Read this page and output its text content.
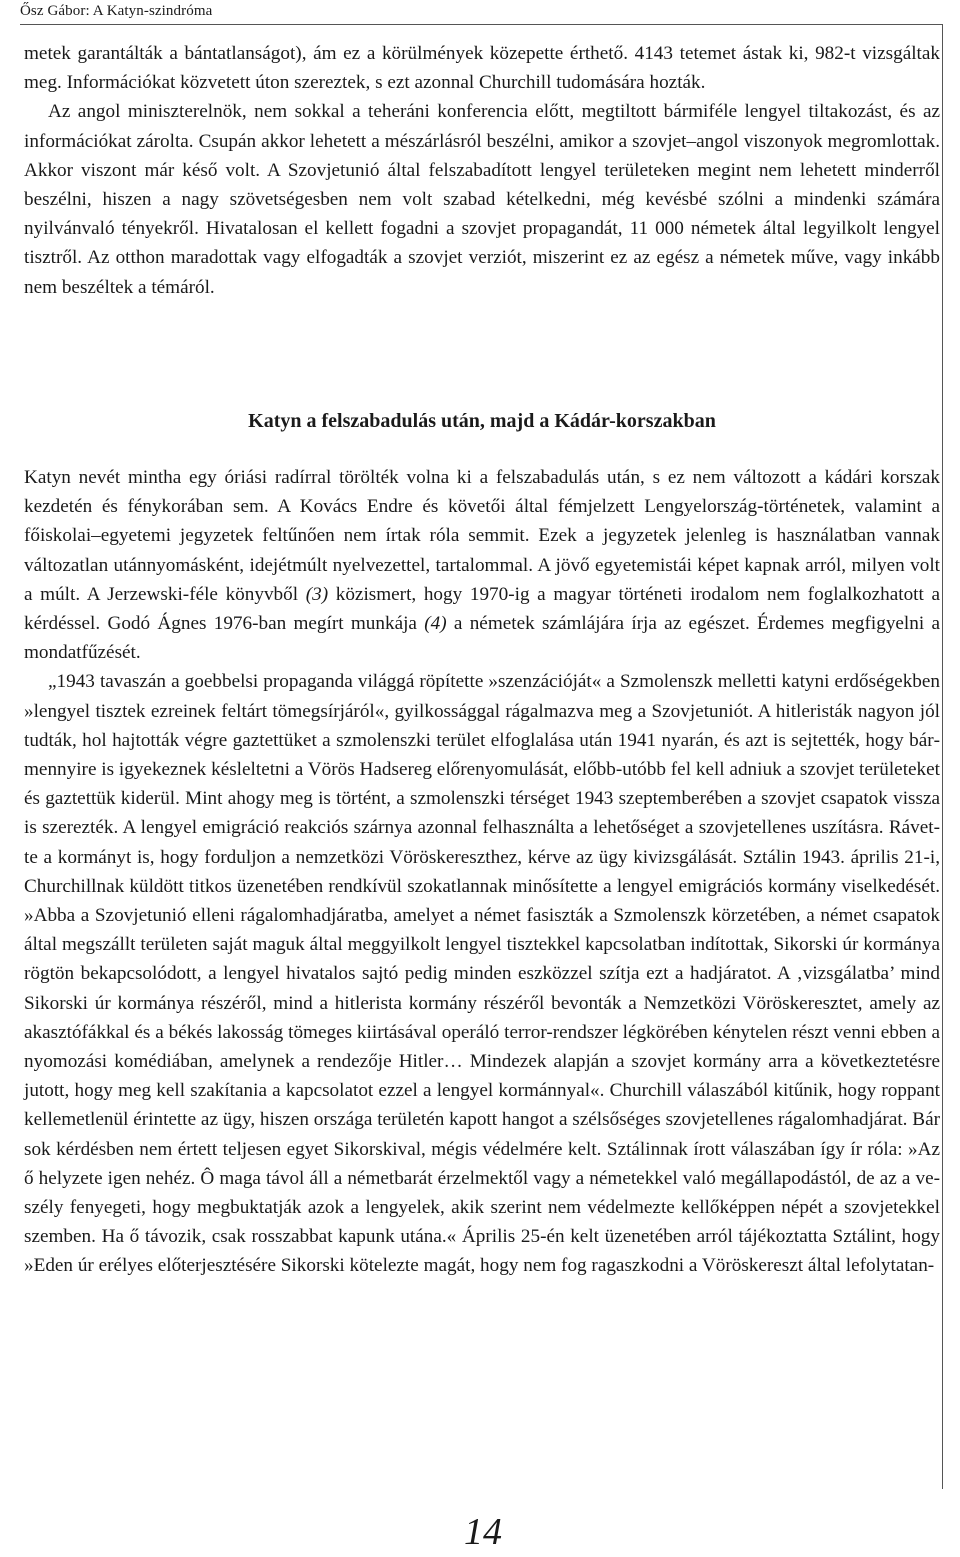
Ősz Gábor: A Katyn-szindróma

metek garantálták a bántatlanságot), ám ez a körülmények közepette érthető. 4143 tetemet ástak ki, 982-t vizsgáltak meg. Információkat közvetett úton szereztek, s ezt azonnal Churchill tudomására hozták.

Az angol miniszterelnök, nem sokkal a teheráni konferencia előtt, megtiltott bármiféle lengyel tiltakozást, és az információkat zárolta. Csupán akkor lehetett a mészárlásról beszélni, amikor a szovjet–angol viszonyok megromlottak. Akkor viszont már késő volt. A Szovjetunió által felszabadított lengyel területeken megint nem lehetett minderről beszélni, hiszen a nagy szövetségesben nem volt szabad kételkedni, még kevésbé szólni a mindenki számára nyilvánvaló tényekről. Hivatalosan el kellett fogadni a szovjet propagandát, 11 000 németek által legyilkolt lengyel tisztről. Az otthon maradottak vagy elfogadták a szovjet verziót, miszerint ez az egész a németek műve, vagy inkább nem beszéltek a témáról.

Katyn a felszabadulás után, majd a Kádár-korszakban

Katyn nevét mintha egy óriási radírral törölték volna ki a felszabadulás után, s ez nem változott a kádári korszak kezdetén és fénykorában sem. A Kovács Endre és követői által fémjelzett Lengyelország-történetek, valamint a főiskolai–egyetemi jegyzetek feltűnően nem írtak róla semmit. Ezek a jegyzetek jelenleg is használatban vannak változatlan utánnyomásként, idejétmúlt nyelvezettel, tartalommal. A jövő egyetemistái képet kapnak arról, milyen volt a múlt. A Jerzewski-féle könyvből (3) közismert, hogy 1970-ig a magyar történeti irodalom nem foglalkozhatott a kérdéssel. Godó Ágnes 1976-ban megírt munkája (4) a németek számlájára írja az egészet. Érdemes megfigyelni a mondatfűzését.

„1943 tavaszán a goebbelsi propaganda világgá röpítette »szenzációját« a Szmolenszk melletti katyni erdőségekben »lengyel tisztek ezreinek feltárt tömegsírjáról«, gyilkossággal rágalmazva meg a Szovjetuniót. A hitleristák nagyon jól tudták, hol hajtották végre gaztettüket a szmolenszki terület elfoglalása után 1941 nyarán, és azt is sejtették, hogy bármennyire is igyekeznek késleltetni a Vörös Hadsereg előrenyomulását, előbb-utóbb fel kell adniuk a szovjet területeket és gaztettük kiderül. Mint ahogy meg is történt, a szmolenszki térséget 1943 szeptemberében a szovjet csapatok vissza is szerezték. A lengyel emigráció reakciós szárnya azonnal felhasználta a lehetőséget a szovjetellenes uszításra. Rávette a kormányt is, hogy forduljon a nemzetközi Vöröskereszthez, kérve az ügy kivizsgálását. Sztálin 1943. április 21-i, Churchillnak küldött titkos üzenetében rendkívül szokatlannak minősítette a lengyel emigrációs kormány viselkedését. »Abba a Szovjetunió elleni rágalomhadjáratba, amelyet a német fasiszták a Szmolenszk körzetében, a német csapatok által megszállt területen saját maguk által meggyilkolt lengyel tisztekkel kapcsolatban indítottak, Sikorski úr kormánya rögtön bekapcsolódott, a lengyel hivatalos sajtó pedig minden eszközzel szítja ezt a hadjáratot. A ‚vizsgálatba’ mind Sikorski úr kormánya részéről, mind a hitlerista kormány részéről bevonták a Nemzetközi Vöröskeresztet, amely az akasztófákkal és a békés lakosság tömeges kiirtásával operáló terror-rendszer légkörében kénytelen részt venni ebben a nyomozási komédiában, amelynek a rendezője Hitler… Mindezek alapján a szovjet kormány arra a következtetésre jutott, hogy meg kell szakítania a kapcsolatot ezzel a lengyel kormánnyal«. Churchill válaszából kitűnik, hogy roppant kellemetlenül érintette az ügy, hiszen országa területén kapott hangot a szélsőséges szovjetellenes rágalomhadjárat. Bár sok kérdésben nem értett teljesen egyet Sikorskival, mégis védelmére kelt. Sztálinnak írott válaszában így ír róla: »Az ő helyzete igen nehéz. Ô maga távol áll a németbarát érzelmektől vagy a németekkel való megállapodástól, de az a veszély fenyegeti, hogy megbuktatják azok a lengyelek, akik szerint nem védelmezte kellőképpen népét a szovjetekkel szemben. Ha ő távozik, csak rosszabbat kapunk utána.« Április 25-én kelt üzenetében arról tájékoztatta Sztálint, hogy »Eden úr erélyes előterjesztésére Sikorski kötelezte magát, hogy nem fog ragaszkodni a Vöröskereszt által lefolytatan-

14
